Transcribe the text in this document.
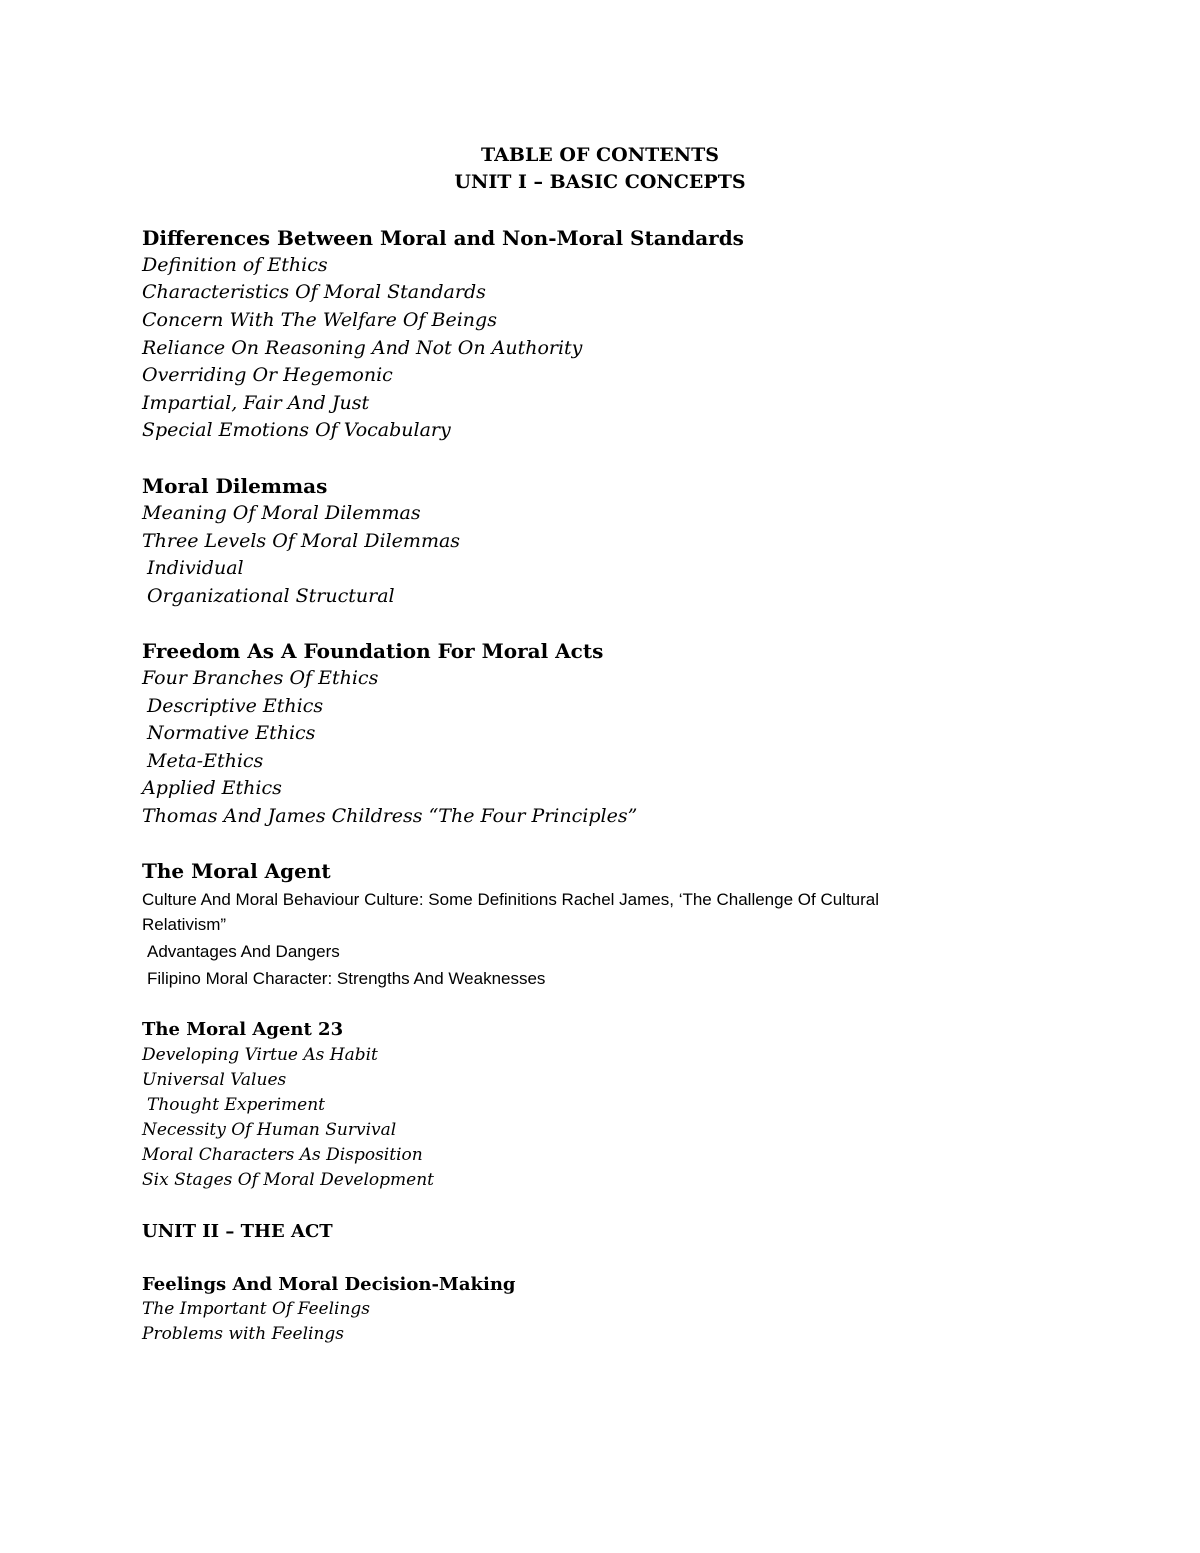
TABLE OF CONTENTS

UNIT I – BASIC CONCEPTS

Differences Between Moral and Non-Moral Standards

Definition of Ethics

Characteristics Of Moral Standards

Concern With The Welfare Of Beings

Reliance On Reasoning And Not On Authority

Overriding Or Hegemonic

Impartial, Fair And Just

Special Emotions Of Vocabulary

Moral Dilemmas

Meaning Of Moral Dilemmas

Three Levels Of Moral Dilemmas

Individual

Organizational Structural

Freedom As A Foundation For Moral Acts

Four Branches Of Ethics

Descriptive Ethics

Normative Ethics

Meta-Ethics

Applied Ethics

Thomas And James Childress “The Four Principles”

The Moral Agent

Culture And Moral Behaviour Culture: Some Definitions Rachel James, ‘The Challenge Of Cultural

Relativism”

Advantages And Dangers

Filipino Moral Character: Strengths And Weaknesses

The Moral Agent 23

Developing Virtue As Habit

Universal Values

Thought Experiment

Necessity Of Human Survival

Moral Characters As Disposition

Six Stages Of Moral Development

UNIT II – THE ACT

Feelings And Moral Decision-Making

The Important Of Feelings

Problems with Feelings
